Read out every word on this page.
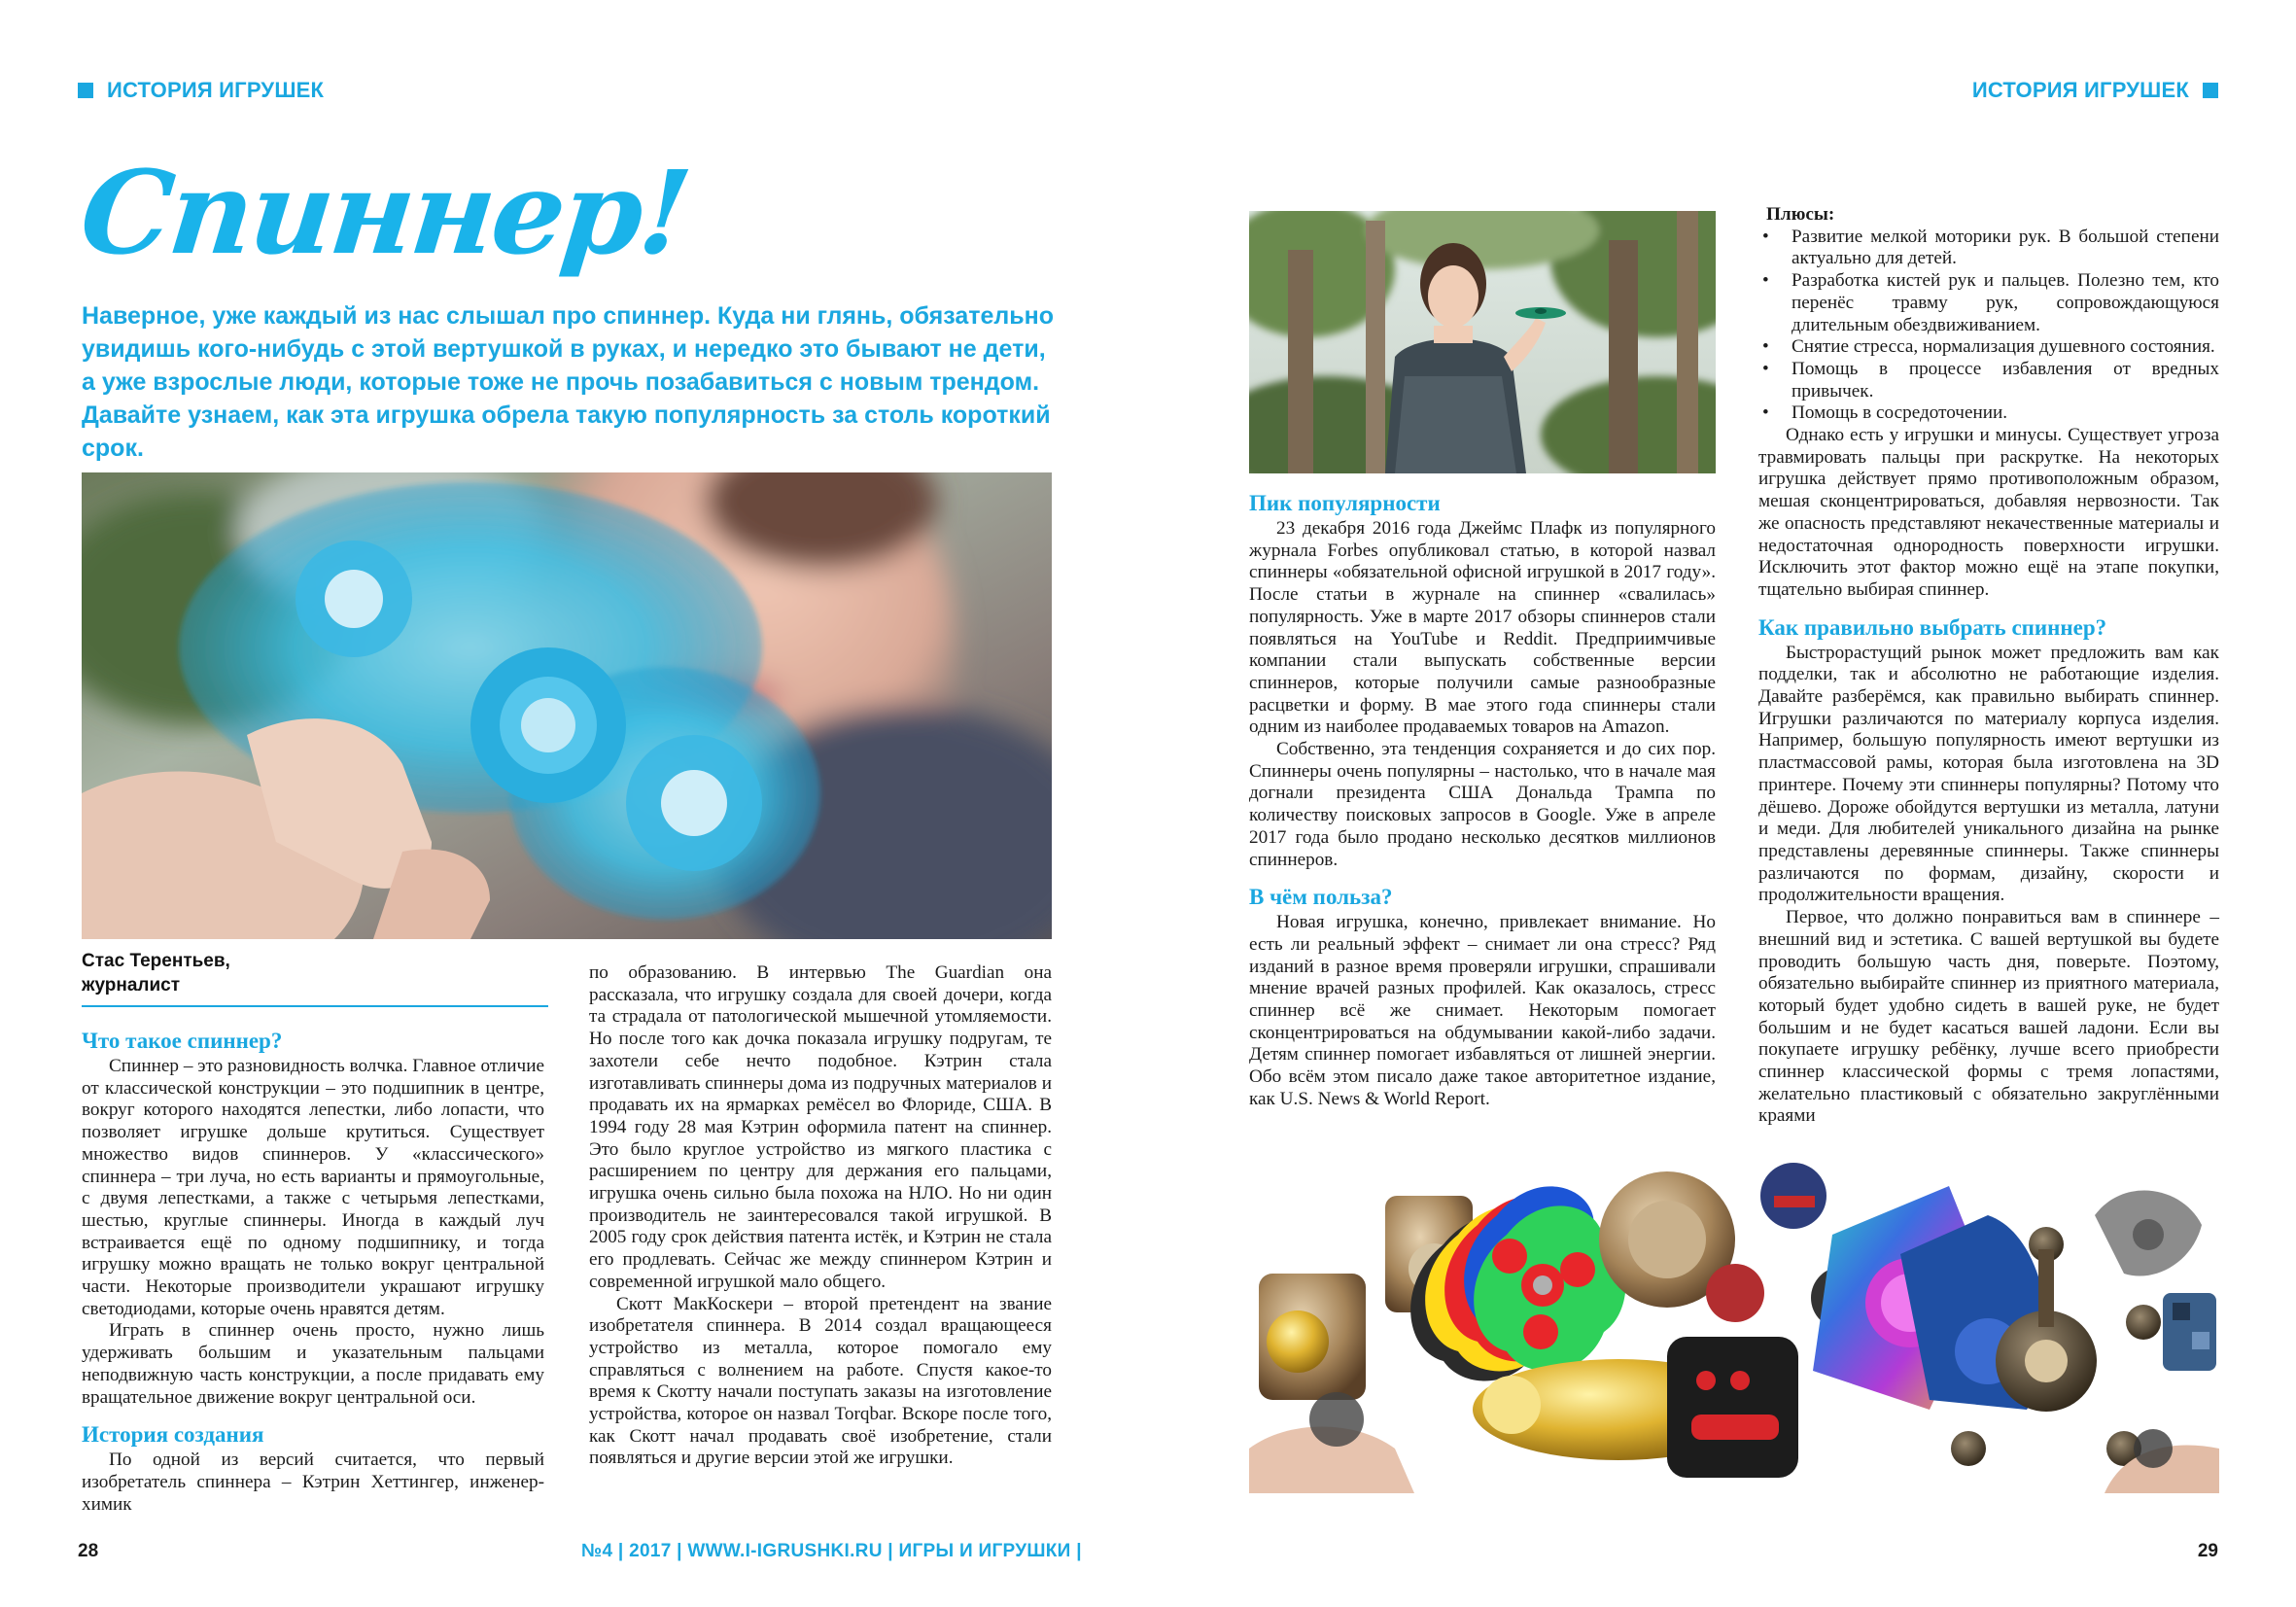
ИСТОРИЯ ИГРУШЕК
Спиннер!
Наверное, уже каждый из нас слышал про спиннер. Куда ни глянь, обязательно увидишь кого-нибудь с этой вертушкой в руках, и нередко это бывают не дети, а уже взрослые люди, которые тоже не прочь позабавиться с новым трендом. Давайте узнаем, как эта игрушка обрела такую популярность за столь короткий срок.
Стас Терентьев,
журналист
Что такое спиннер?

Спиннер – это разновидность волчка. Главное отличие от классической конструкции – это подшипник в центре, вокруг которого находятся лепестки, либо лопасти, что позволяет игрушке дольше крутиться. Существует множество видов спиннеров. У «классического» спиннера – три луча, но есть варианты и прямоугольные, с двумя лепестками, а также с четырьмя лепестками, шестью, круглые спиннеры. Иногда в каждый луч встраивается ещё по одному подшипнику, и тогда игрушку можно вращать не только вокруг центральной части. Некоторые производители украшают игрушку светодиодами, которые очень нравятся детям.

Играть в спиннер очень просто, нужно лишь удерживать большим и указательным пальцами неподвижную часть конструкции, а после придавать ему вращательное движение вокруг центральной оси.

История создания

По одной из версий считается, что первый изобретатель спиннера – Кэтрин Хеттингер, инженер-химик

по образованию. В интервью The Guardian она рассказала, что игрушку создала для своей дочери, когда та страдала от патологической мышечной утомляемости. Но после того как дочка показала игрушку подругам, те захотели себе нечто подобное. Кэтрин стала изготавливать спиннеры дома из подручных материалов и продавать их на ярмарках ремёсел во Флориде, США. В 1994 году 28 мая Кэтрин оформила патент на спиннер. Это было круглое устройство из мягкого пластика с расширением по центру для держания его пальцами, игрушка очень сильно была похожа на НЛО. Но ни один производитель не заинтересовался такой игрушкой. В 2005 году срок действия патента истёк, и Кэтрин не стала его продлевать. Сейчас же между спиннером Кэтрин и современной игрушкой мало общего.

Скотт МакКоскери – второй претендент на звание изобретателя спиннера. В 2014 создал вращающееся устройство из металла, которое помогало ему справляться с волнением на работе. Спустя какое-то время к Скотту начали поступать заказы на изготовление устройства, которое он назвал Torqbar. Вскоре после того, как Скотт начал продавать своё изобретение, стали появляться и другие версии этой же игрушки.

28	№4 | 2017 | WWW.I-IGRUSHKI.RU | ИГРЫ И ИГРУШКИ |
ИСТОРИЯ ИГРУШЕК
Пик популярности

23 декабря 2016 года Джеймс Плафк из популярного журнала Forbes опубликовал статью, в которой назвал спиннеры «обязательной офисной игрушкой в 2017 году». После статьи в журнале на спиннер «свалилась» популярность. Уже в марте 2017 обзоры спиннеров стали появляться на YouTube и Reddit. Предприимчивые компании стали выпускать собственные версии спиннеров, которые получили самые разнообразные расцветки и форму. В мае этого года спиннеры стали одним из наиболее продаваемых товаров на Amazon.

Собственно, эта тенденция сохраняется и до сих пор. Спиннеры очень популярны – настолько, что в начале мая догнали президента США Дональда Трампа по количеству поисковых запросов в Google. Уже в апреле 2017 года было продано несколько десятков миллионов спиннеров.

В чём польза?

Новая игрушка, конечно, привлекает внимание. Но есть ли реальный эффект – снимает ли она стресс? Ряд изданий в разное время проверяли игрушки, спрашивали мнение врачей разных профилей. Как оказалось, стресс спиннер всё же снимает. Некоторым помогает сконцентрироваться на обдумывании какой-либо задачи. Детям спиннер помогает избавляться от лишней энергии. Обо всём этом писало даже такое авторитетное издание, как U.S. News & World Report.

Плюсы:

• Развитие мелкой моторики рук. В большой степени актуально для детей.
• Разработка кистей рук и пальцев. Полезно тем, кто перенёс травму рук, сопровождающуюся длительным обездвиживанием.
• Снятие стресса, нормализация душевного состояния.
• Помощь в процессе избавления от вредных привычек.
• Помощь в сосредоточении.

Однако есть у игрушки и минусы. Существует угроза травмировать пальцы при раскрутке. На некоторых игрушка действует прямо противоположным образом, мешая сконцентрироваться, добавляя нервозности. Так же опасность представляют некачественные материалы и недостаточная однородность поверхности игрушки. Исключить этот фактор можно ещё на этапе покупки, тщательно выбирая спиннер.

Как правильно выбрать спиннер?

Быстрорастущий рынок может предложить вам как подделки, так и абсолютно не работающие изделия. Давайте разберёмся, как правильно выбирать спиннер. Игрушки различаются по материалу корпуса изделия. Например, большую популярность имеют вертушки из пластмассовой рамы, которая была изготовлена на 3D принтере. Почему эти спиннеры популярны? Потому что дёшево. Дороже обойдутся вертушки из металла, латуни и меди. Для любителей уникального дизайна на рынке представлены деревянные спиннеры. Также спиннеры различаются по формам, дизайну, скорости и продолжительности вращения.

Первое, что должно понравиться вам в спиннере – внешний вид и эстетика. С вашей вертушкой вы будете проводить большую часть дня, поверьте. Поэтому, обязательно выбирайте спиннер из приятного материала, который будет удобно сидеть в вашей руке, не будет большим и не будет касаться вашей ладони. Если вы покупаете игрушку ребёнку, лучше всего приобрести спиннер классической формы с тремя лопастями, желательно пластиковый с обязательно закруглёнными краями

29
